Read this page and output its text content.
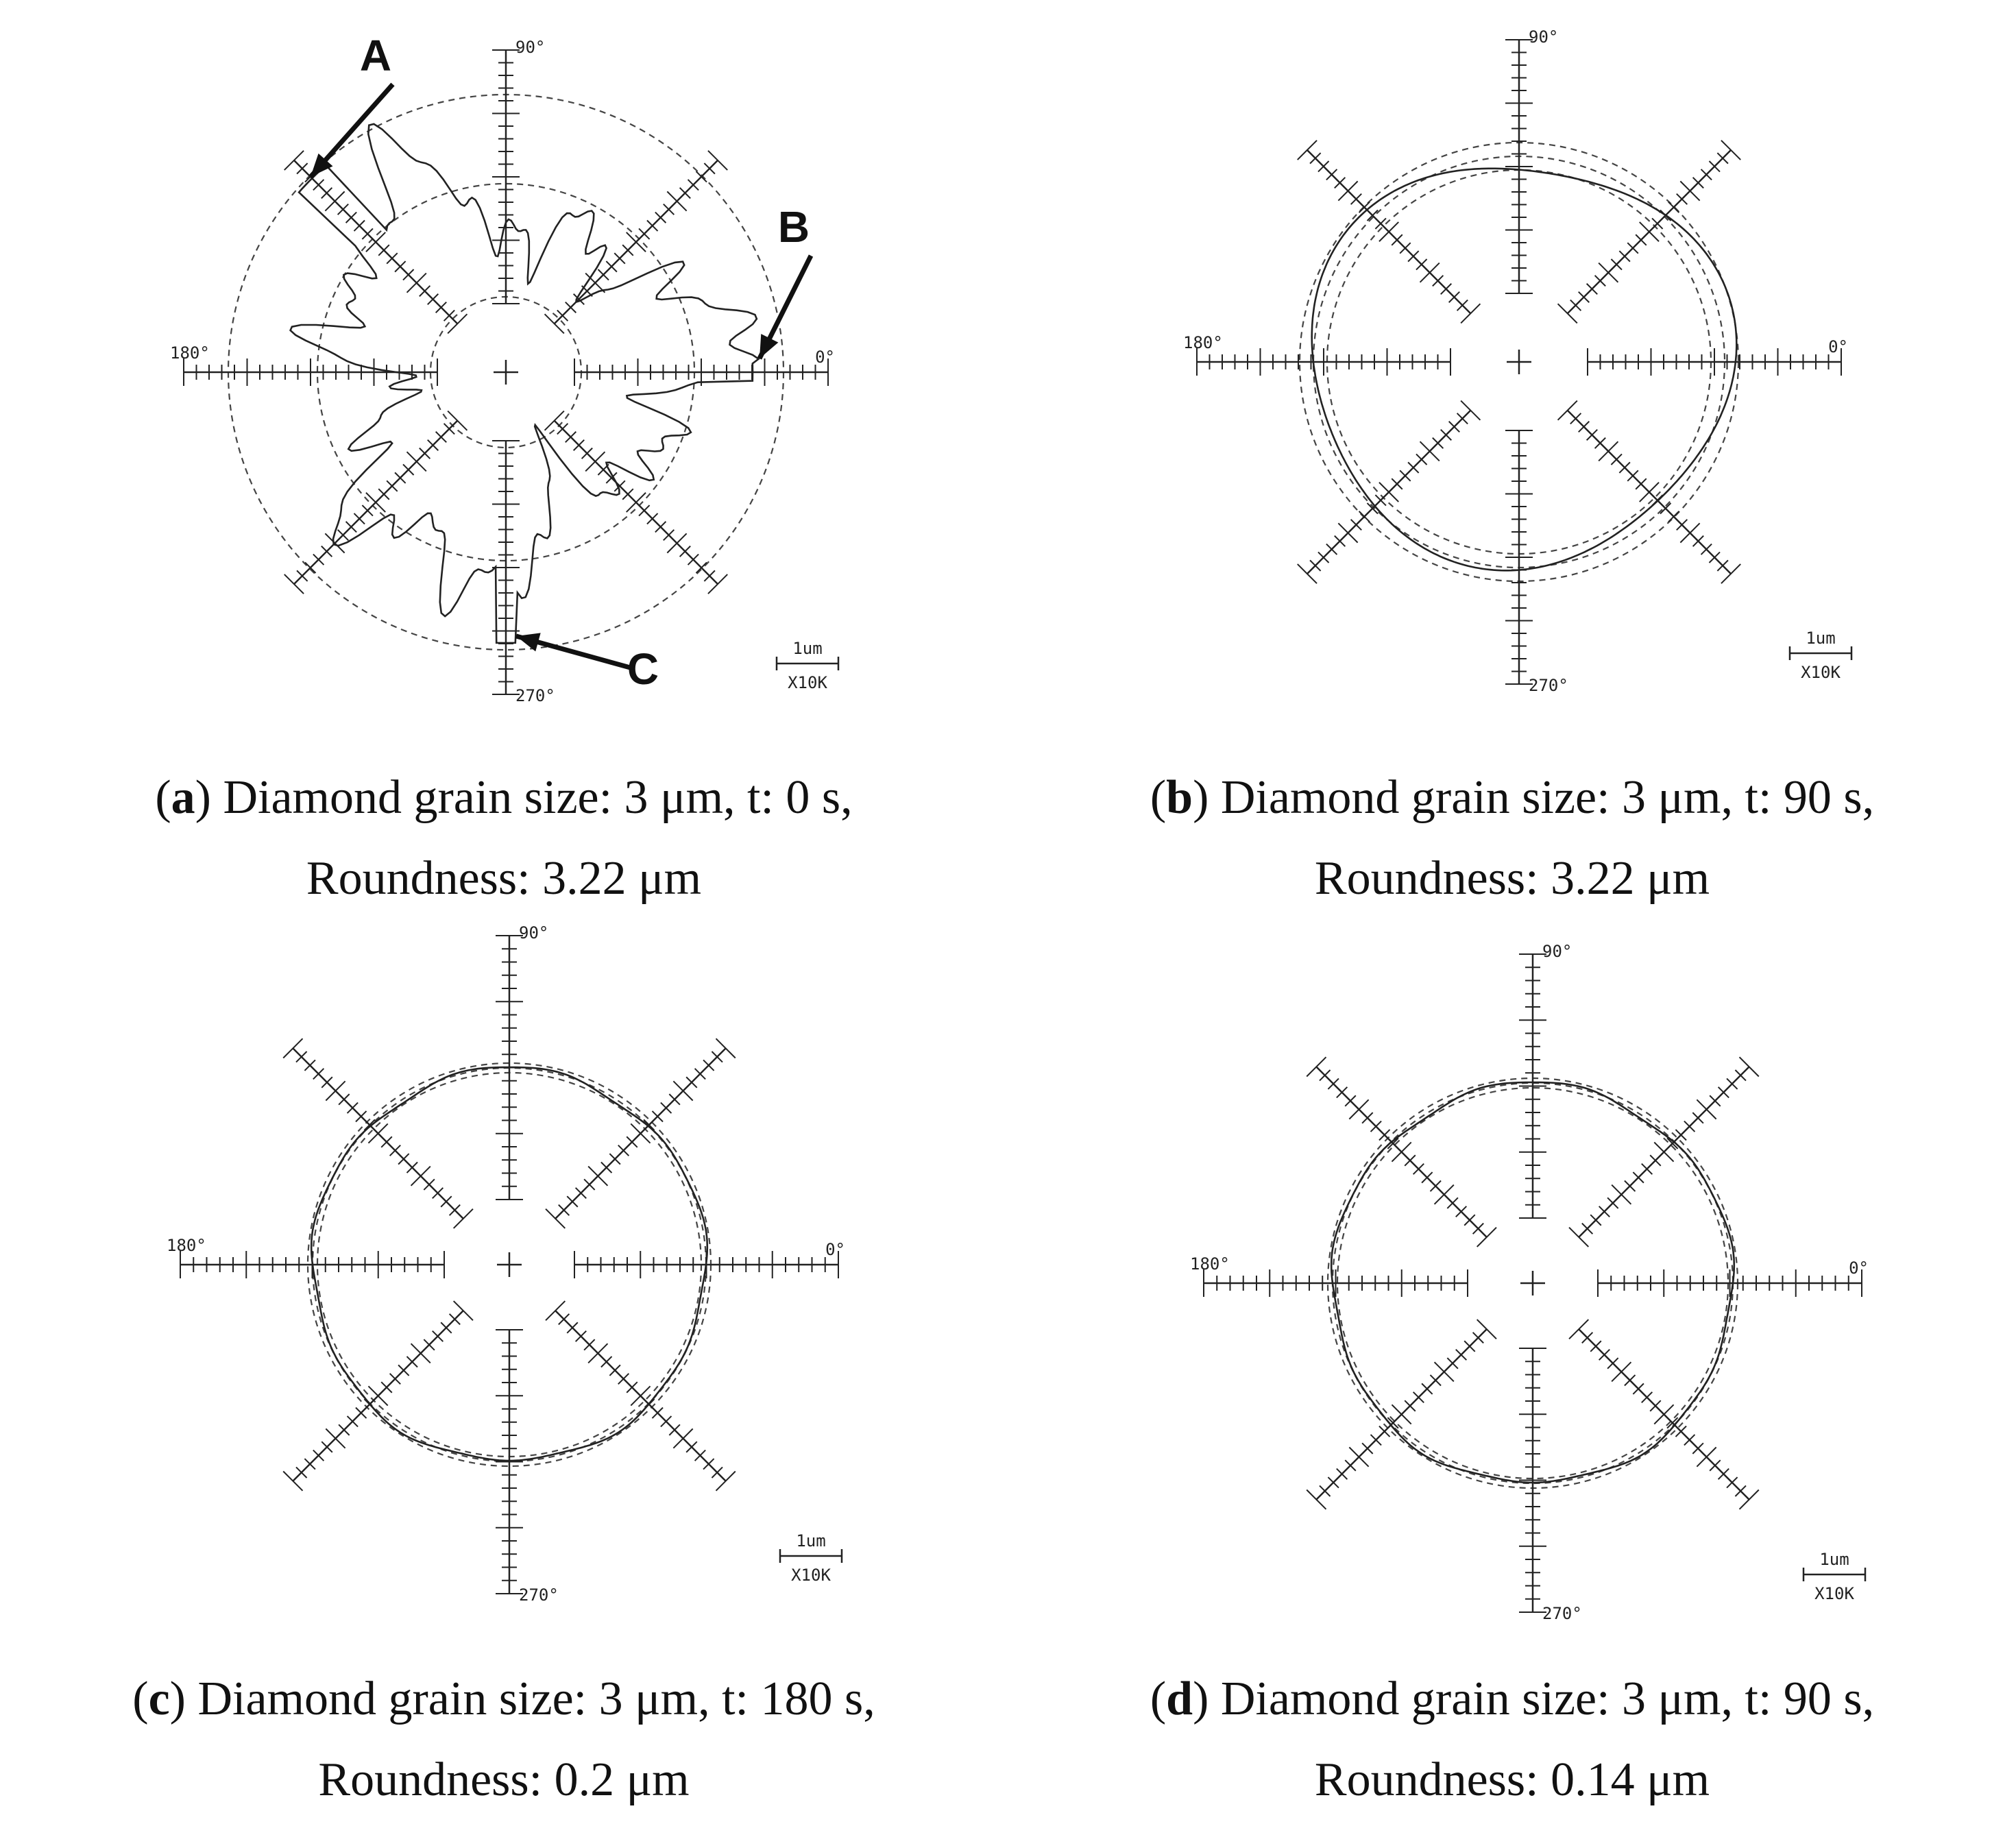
0°
90°
180°
270°
1um
X10K
A
B
C
(a) Diamond grain size: 3 μm, t: 0 s,
Roundness: 3.22 μm
0°
90°
180°
270°
1um
X10K
(b) Diamond grain size: 3 μm, t: 90 s,
Roundness: 3.22 μm
0°
90°
180°
270°
1um
X10K
(c) Diamond grain size: 3 μm, t: 180 s,
Roundness: 0.2 μm
0°
90°
180°
270°
1um
X10K
(d) Diamond grain size: 3 μm, t: 90 s,
Roundness: 0.14 μm
